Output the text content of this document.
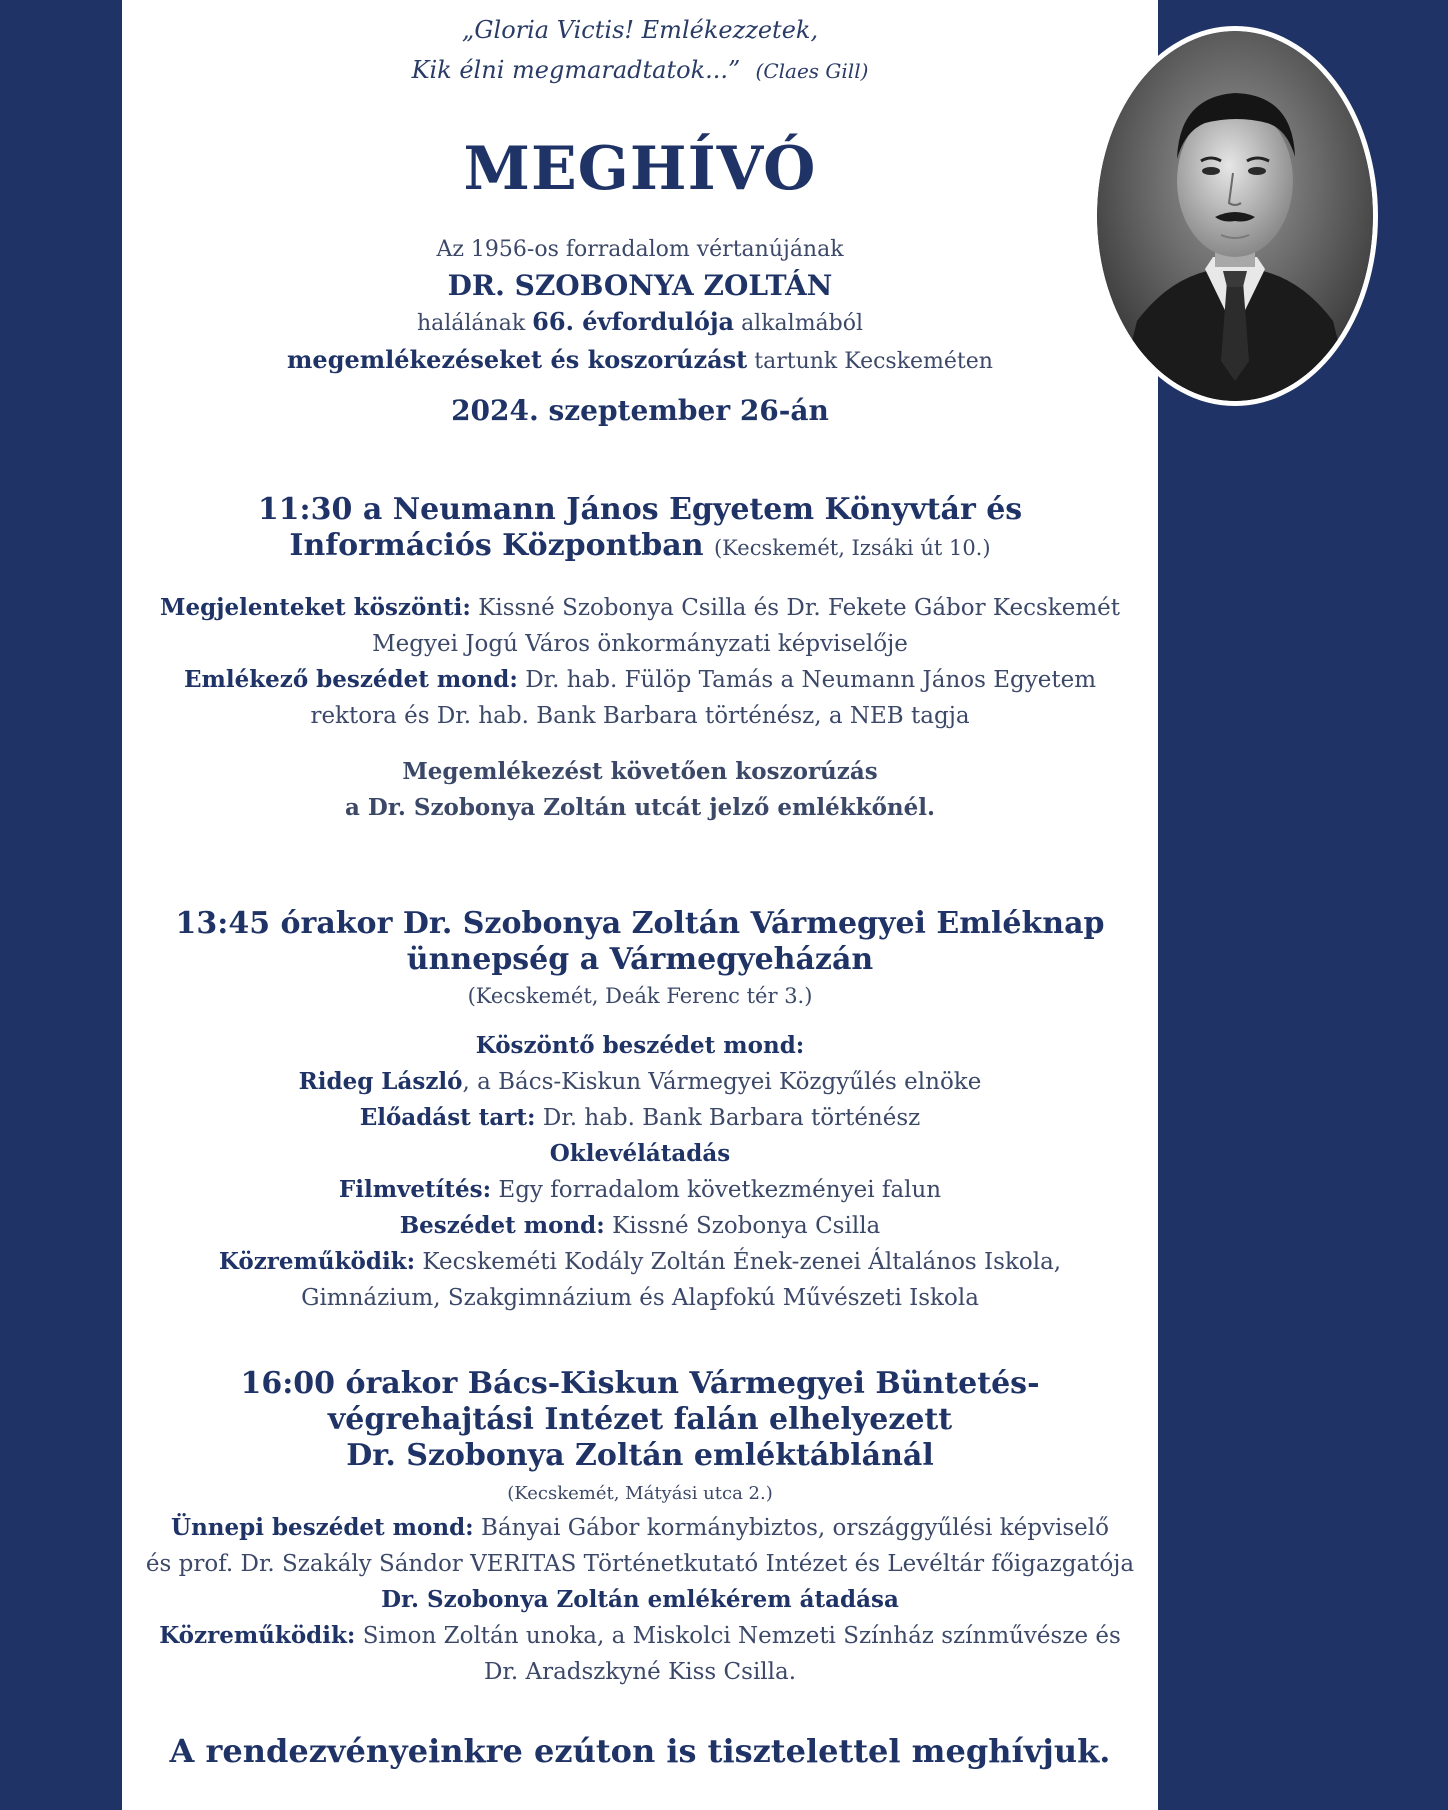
„Gloria Victis! Emlékezzetek,
Kik élni megmaradtatok...” (Claes Gill)
MEGHÍVÓ
Az 1956-os forradalom vértanújának
DR. SZOBONYA ZOLTÁN
halálának 66. évfordulója alkalmából
megemlékezéseket és koszorúzást tartunk Kecskeméten
2024. szeptember 26-án
11:30 a Neumann János Egyetem Könyvtár és
Információs Központban (Kecskemét, Izsáki út 10.)
Megjelenteket köszönti: Kissné Szobonya Csilla és Dr. Fekete Gábor Kecskemét
Megyei Jogú Város önkormányzati képviselője
Emlékező beszédet mond: Dr. hab. Fülöp Tamás a Neumann János Egyetem
rektora és Dr. hab. Bank Barbara történész, a NEB tagja
Megemlékezést követően koszorúzás
a Dr. Szobonya Zoltán utcát jelző emlékkőnél.
13:45 órakor Dr. Szobonya Zoltán Vármegyei Emléknap
ünnepség a Vármegyeházán
(Kecskemét, Deák Ferenc tér 3.)
Köszöntő beszédet mond:
Rideg László, a Bács-Kiskun Vármegyei Közgyűlés elnöke
Előadást tart: Dr. hab. Bank Barbara történész
Oklevélátadás
Filmvetítés: Egy forradalom következményei falun
Beszédet mond: Kissné Szobonya Csilla
Közreműködik: Kecskeméti Kodály Zoltán Ének-zenei Általános Iskola,
Gimnázium, Szakgimnázium és Alapfokú Művészeti Iskola
16:00 órakor Bács-Kiskun Vármegyei Büntetés-
végrehajtási Intézet falán elhelyezett
Dr. Szobonya Zoltán emléktáblánál
(Kecskemét, Mátyási utca 2.)
Ünnepi beszédet mond: Bányai Gábor kormánybiztos, országgyűlési képviselő
és prof. Dr. Szakály Sándor VERITAS Történetkutató Intézet és Levéltár főigazgatója
Dr. Szobonya Zoltán emlékérem átadása
Közreműködik: Simon Zoltán unoka, a Miskolci Nemzeti Színház színművésze és
Dr. Aradszkyné Kiss Csilla.
A rendezvényeinkre ezúton is tisztelettel meghívjuk.
